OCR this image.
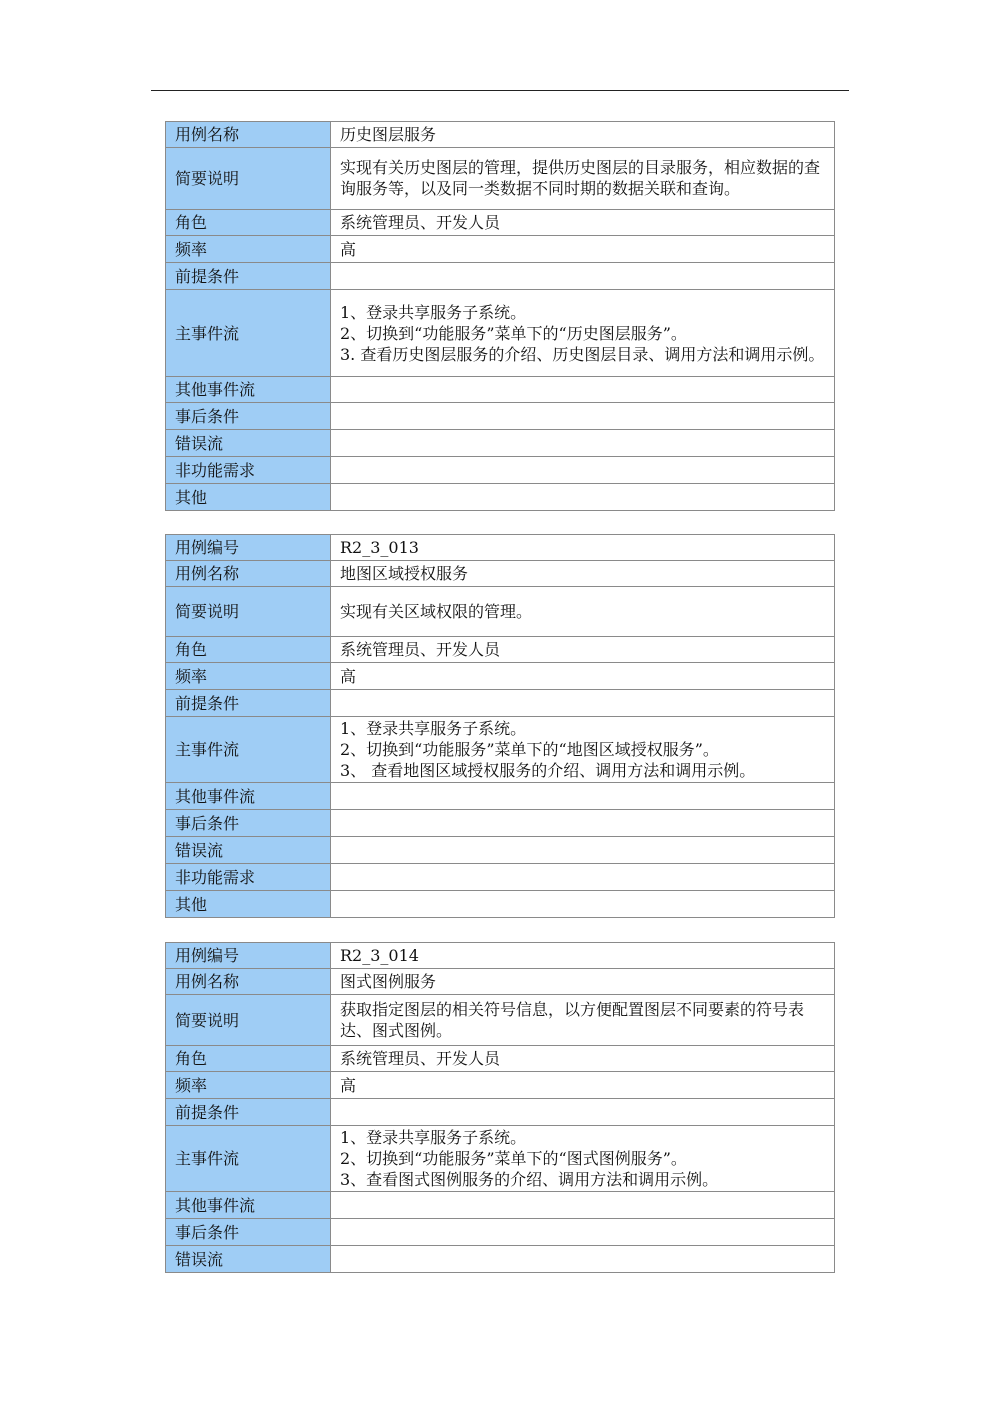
用例名称	历史图层服务
简要说明	实现有关历史图层的管理，提供历史图层的目录服务，相应数据的查询服务等，以及同一类数据不同时期的数据关联和查询。
角色	系统管理员、开发人员
频率	高
前提条件	
主事件流	1、登录共享服务子系统。
2、切换到“功能服务”菜单下的“历史图层服务”。
3. 查看历史图层服务的介绍、历史图层目录、调用方法和调用示例。

其他事件流	
事后条件	
错误流	
非功能需求	
其他	
用例编号	R2_3_013
用例名称	地图区域授权服务
简要说明	实现有关区域权限的管理。
角色	系统管理员、开发人员
频率	高
前提条件	
主事件流	1、登录共享服务子系统。
2、切换到“功能服务”菜单下的“地图区域授权服务”。
3、 查看地图区域授权服务的介绍、调用方法和调用示例。

其他事件流	
事后条件	
错误流	
非功能需求	
其他	
用例编号	R2_3_014
用例名称	图式图例服务
简要说明	获取指定图层的相关符号信息，以方便配置图层不同要素的符号表达、图式图例。
角色	系统管理员、开发人员
频率	高
前提条件	
主事件流	1、登录共享服务子系统。
2、切换到“功能服务”菜单下的“图式图例服务”。
3、查看图式图例服务的介绍、调用方法和调用示例。

其他事件流	
事后条件	
错误流	
